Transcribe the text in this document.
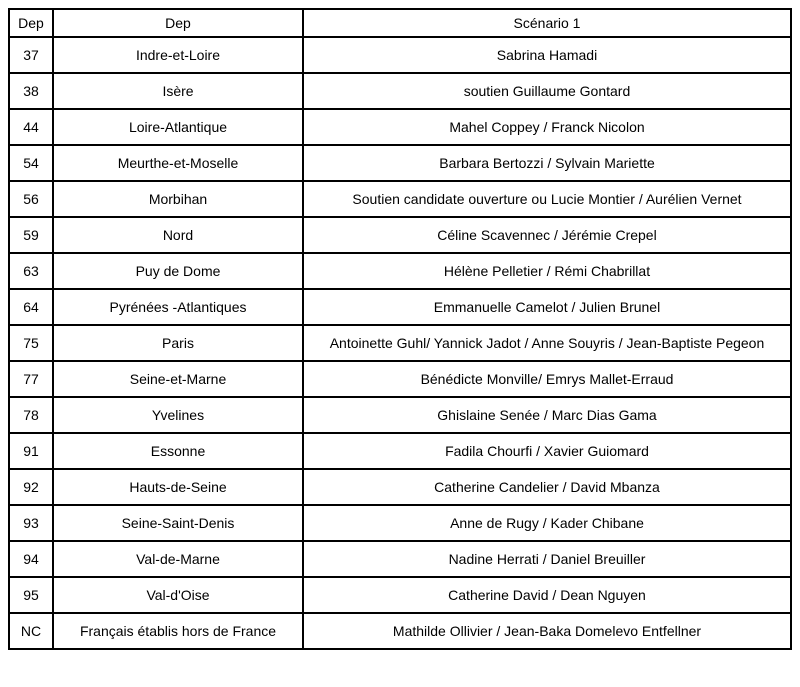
Dep	Dep	Scénario 1
37	Indre-et-Loire	Sabrina Hamadi
38	Isère	soutien Guillaume Gontard
44	Loire-Atlantique	Mahel Coppey / Franck Nicolon
54	Meurthe-et-Moselle	Barbara Bertozzi / Sylvain Mariette
56	Morbihan	Soutien candidate ouverture ou Lucie Montier / Aurélien Vernet
59	Nord	Céline Scavennec / Jérémie Crepel
63	Puy de Dome	Hélène Pelletier / Rémi Chabrillat
64	Pyrénées -Atlantiques	Emmanuelle Camelot / Julien Brunel
75	Paris	Antoinette Guhl/ Yannick Jadot / Anne Souyris / Jean-Baptiste Pegeon
77	Seine-et-Marne	Bénédicte Monville/ Emrys Mallet-Erraud
78	Yvelines	Ghislaine Senée / Marc Dias Gama
91	Essonne	Fadila Chourfi / Xavier Guiomard
92	Hauts-de-Seine	Catherine Candelier / David Mbanza
93	Seine-Saint-Denis	Anne de Rugy / Kader Chibane
94	Val-de-Marne	Nadine Herrati / Daniel Breuiller
95	Val-d'Oise	Catherine David / Dean Nguyen
NC	Français établis hors de France	Mathilde Ollivier / Jean-Baka Domelevo Entfellner
